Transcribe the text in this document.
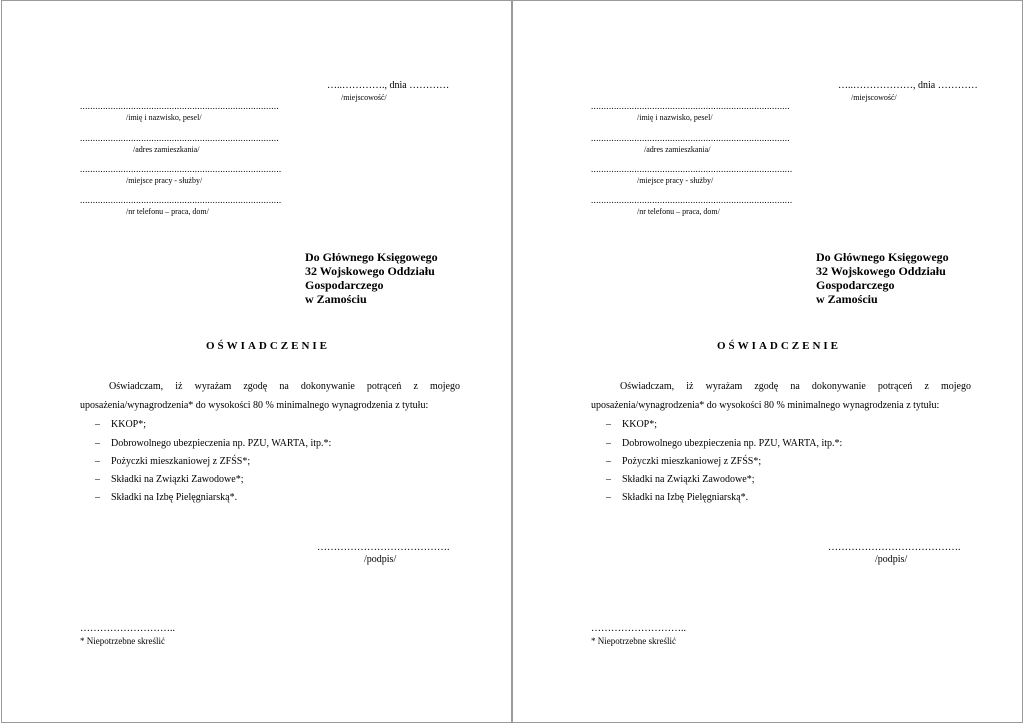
…..…………., dnia …………
/miejscowość/
..............................................................................
/imię i nazwisko, pesel/
..............................................................................
/adres zamieszkania/
...............................................................................
/miejsce pracy - służby/
...............................................................................
/nr telefonu – praca, dom/
Do Głównego Księgowego
32 Wojskowego Oddziału
Gospodarczego
w Zamościu
OŚWIADCZENIE
Oświadczam, iż wyrażam zgodę na dokonywanie potrąceń z mojego
uposażenia/wynagrodzenia* do wysokości 80 % minimalnego wynagrodzenia z tytułu:
– KKOP*;
– Dobrowolnego ubezpieczenia np. PZU, WARTA, itp.*:
– Pożyczki mieszkaniowej z ZFŚS*;
– Składki na Związki Zawodowe*;
– Składki na Izbę Pielęgniarską*.
………………………………….
/podpis/
………………………..
* Niepotrzebne skreślić
…..………………, dnia …………
/miejscowość/
..............................................................................
/imię i nazwisko, pesel/
..............................................................................
/adres zamieszkania/
...............................................................................
/miejsce pracy - służby/
...............................................................................
/nr telefonu – praca, dom/
Do Głównego Księgowego
32 Wojskowego Oddziału
Gospodarczego
w Zamościu
OŚWIADCZENIE
Oświadczam, iż wyrażam zgodę na dokonywanie potrąceń z mojego
uposażenia/wynagrodzenia* do wysokości 80 % minimalnego wynagrodzenia z tytułu:
– KKOP*;
– Dobrowolnego ubezpieczenia np. PZU, WARTA, itp.*:
– Pożyczki mieszkaniowej z ZFŚS*;
– Składki na Związki Zawodowe*;
– Składki na Izbę Pielęgniarską*.
………………………………….
/podpis/
………………………..
* Niepotrzebne skreślić
